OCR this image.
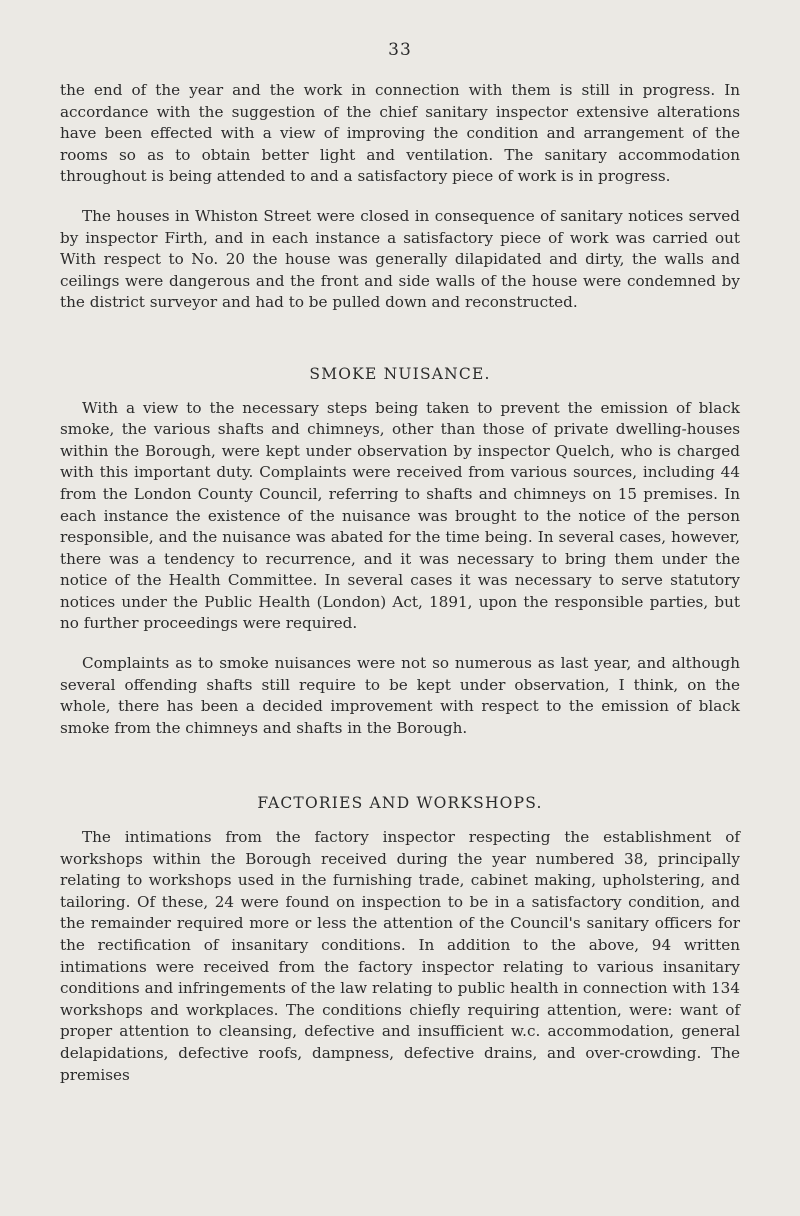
33

the end of the year and the work in connection with them is still in progress. In accordance with the suggestion of the chief sanitary inspector extensive alterations have been effected with a view of improving the condition and arrangement of the rooms so as to obtain better light and ventilation. The sanitary accommodation throughout is being attended to and a satisfactory piece of work is in progress.

The houses in Whiston Street were closed in consequence of sanitary notices served by inspector Firth, and in each instance a satisfactory piece of work was carried out With respect to No. 20 the house was generally dilapidated and dirty, the walls and ceilings were dangerous and the front and side walls of the house were condemned by the district surveyor and had to be pulled down and reconstructed.

SMOKE NUISANCE.

With a view to the necessary steps being taken to prevent the emission of black smoke, the various shafts and chimneys, other than those of private dwelling-houses within the Borough, were kept under observation by inspector Quelch, who is charged with this important duty. Complaints were received from various sources, including 44 from the London County Council, referring to shafts and chimneys on 15 premises. In each instance the existence of the nuisance was brought to the notice of the person responsible, and the nuisance was abated for the time being. In several cases, however, there was a tendency to recurrence, and it was necessary to bring them under the notice of the Health Committee. In several cases it was necessary to serve statutory notices under the Public Health (London) Act, 1891, upon the responsible parties, but no further proceedings were required.

Complaints as to smoke nuisances were not so numerous as last year, and although several offending shafts still require to be kept under observation, I think, on the whole, there has been a decided improvement with respect to the emission of black smoke from the chimneys and shafts in the Borough.

FACTORIES AND WORKSHOPS.

The intimations from the factory inspector respecting the establishment of workshops within the Borough received during the year numbered 38, principally relating to workshops used in the furnishing trade, cabinet making, upholstering, and tailoring. Of these, 24 were found on inspection to be in a satisfactory condition, and the remainder required more or less the attention of the Council's sanitary officers for the rectification of insanitary conditions. In addition to the above, 94 written intimations were received from the factory inspector relating to various insanitary conditions and infringements of the law relating to public health in connection with 134 workshops and workplaces. The conditions chiefly requiring attention, were: want of proper attention to cleansing, defective and insufficient w.c. accommodation, general delapidations, defective roofs, dampness, defective drains, and over-crowding. The premises
